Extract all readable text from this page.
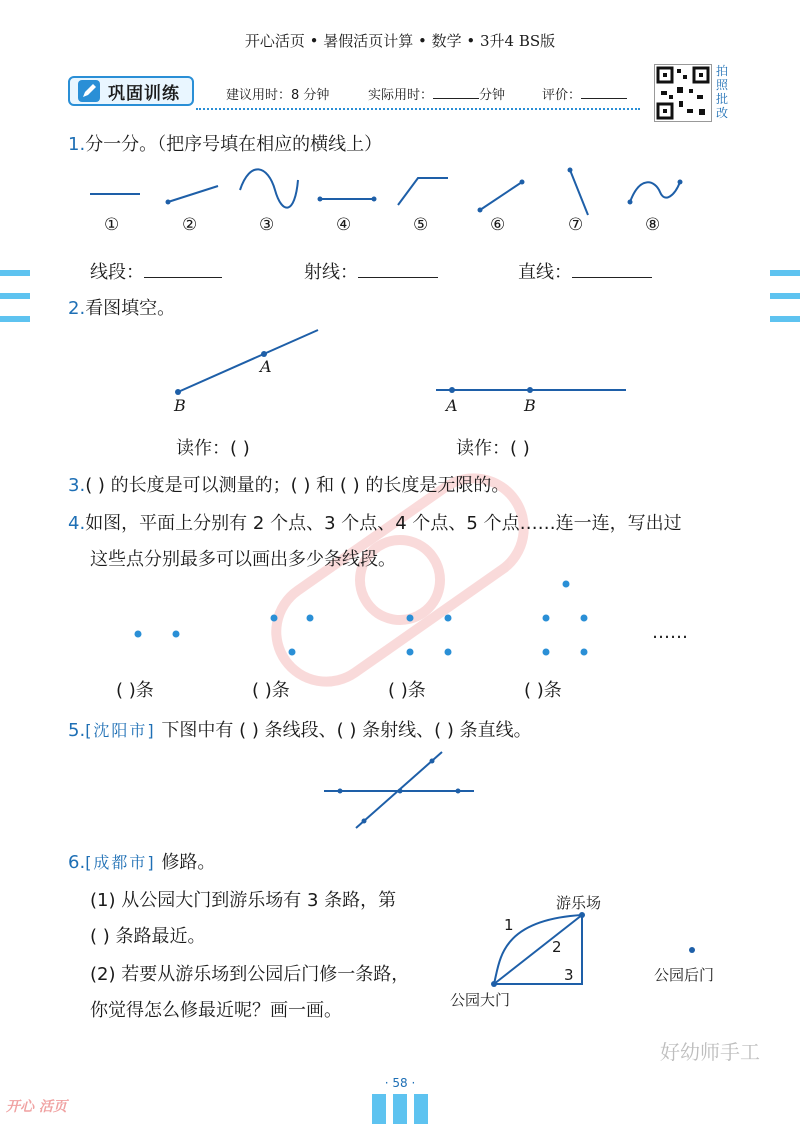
开心活页 • 暑假活页计算 • 数学 • 3升4 BS版
巩固训练	建议用时：8 分钟	实际用时：	分钟	评价：
拍
照
批
改
1.分一分。（把序号填在相应的横线上）
①	②	③	④	⑤	⑥	⑦	⑧
线段：	射线：	直线：
2.看图填空。
A
B	A	B
读作：( )	读作：( )
3.( ) 的长度是可以测量的；( ) 和 ( ) 的长度是无限的。
4.如图，平面上分别有 2 个点、3 个点、4 个点、5 个点……连一连，写出过
这些点分别最多可以画出多少条线段。
……
( )条	( )条	( )条	( )条
5.[沈阳市] 下图中有 ( ) 条线段、( ) 条射线、( ) 条直线。
6.[成都市] 修路。
(1) 从公园大门到游乐场有 3 条路，第
( ) 条路最近。
(2) 若要从游乐场到公园后门修一条路，
你觉得怎么修最近呢？画一画。
游乐场
公园大门
公园后门
1
2
3
好幼师手工
· 58 ·
开心 活页
